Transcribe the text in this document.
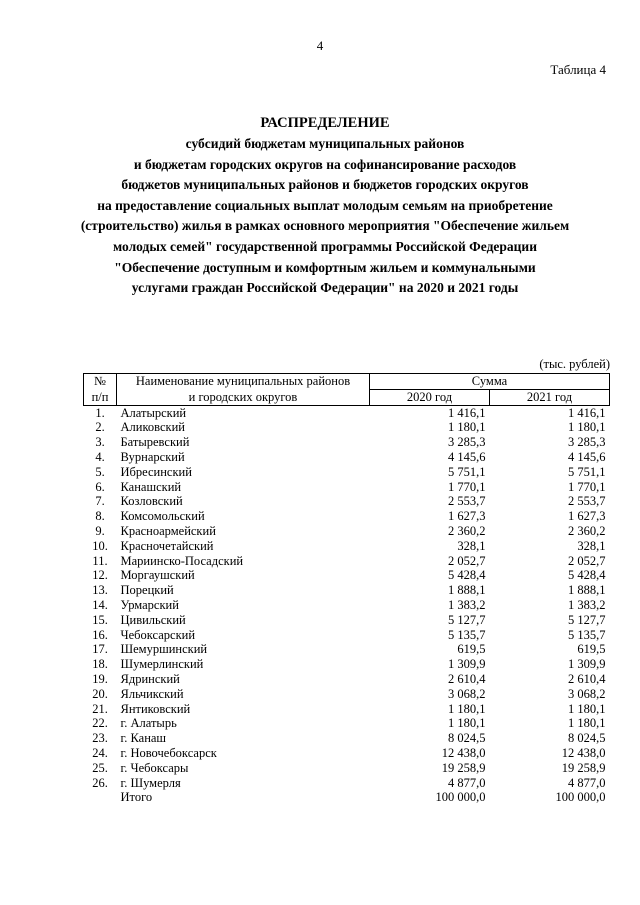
4
Таблица 4
РАСПРЕДЕЛЕНИЕ
субсидий бюджетам муниципальных районов
и бюджетам городских округов на софинансирование расходов
бюджетов муниципальных районов и бюджетов городских округов
на предоставление социальных выплат молодым семьям на приобретение
(строительство) жилья в рамках основного мероприятия "Обеспечение жильем
молодых семей" государственной программы Российской Федерации
"Обеспечение доступным и комфортным жильем и коммунальными
услугами граждан Российской Федерации" на 2020 и 2021 годы
(тыс. рублей)
№	Наименование муниципальных районов	Сумма	
п/п	и городских округов	2020 год	2021 год
1.	Алатырский	1 416,1	1 416,1
2.	Аликовский	1 180,1	1 180,1
3.	Батыревский	3 285,3	3 285,3
4.	Вурнарский	4 145,6	4 145,6
5.	Ибресинский	5 751,1	5 751,1
6.	Канашский	1 770,1	1 770,1
7.	Козловский	2 553,7	2 553,7
8.	Комсомольский	1 627,3	1 627,3
9.	Красноармейский	2 360,2	2 360,2
10.	Красночетайский	328,1	328,1
11.	Мариинско-Посадский	2 052,7	2 052,7
12.	Моргаушский	5 428,4	5 428,4
13.	Порецкий	1 888,1	1 888,1
14.	Урмарский	1 383,2	1 383,2
15.	Цивильский	5 127,7	5 127,7
16.	Чебоксарский	5 135,7	5 135,7
17.	Шемуршинский	619,5	619,5
18.	Шумерлинский	1 309,9	1 309,9
19.	Ядринский	2 610,4	2 610,4
20.	Яльчикский	3 068,2	3 068,2
21.	Янтиковский	1 180,1	1 180,1
22.	г. Алатырь	1 180,1	1 180,1
23.	г. Канаш	8 024,5	8 024,5
24.	г. Новочебоксарск	12 438,0	12 438,0
25.	г. Чебоксары	19 258,9	19 258,9
26.	г. Шумерля	4 877,0	4 877,0
	Итого	100 000,0	100 000,0
